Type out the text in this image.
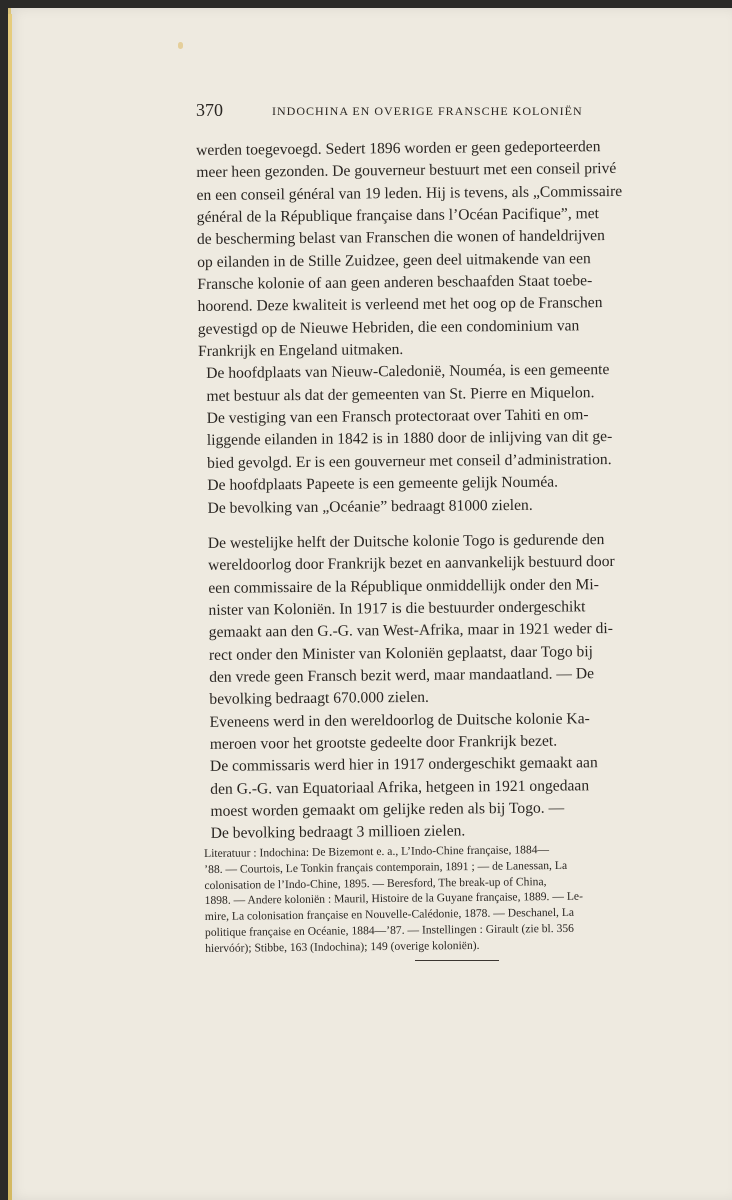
370	INDOCHINA EN OVERIGE FRANSCHE KOLONIËN

werden toegevoegd. Sedert 1896 worden er geen gedeporteerden
meer heen gezonden. De gouverneur bestuurt met een conseil privé
en een conseil général van 19 leden. Hij is tevens, als „Commissaire
général de la République française dans l’Océan Pacifique”, met
de bescherming belast van Franschen die wonen of handeldrijven
op eilanden in de Stille Zuidzee, geen deel uitmakende van een
Fransche kolonie of aan geen anderen beschaafden Staat toebe-
hoorend. Deze kwaliteit is verleend met het oog op de Franschen
gevestigd op de Nieuwe Hebriden, die een condominium van
Frankrijk en Engeland uitmaken.

De hoofdplaats van Nieuw-Caledonië, Nouméa, is een gemeente
met bestuur als dat der gemeenten van St. Pierre en Miquelon.

De vestiging van een Fransch protectoraat over Tahiti en om-
liggende eilanden in 1842 is in 1880 door de inlijving van dit ge-
bied gevolgd. Er is een gouverneur met conseil d’administration.
De hoofdplaats Papeete is een gemeente gelijk Nouméa.

De bevolking van „Océanie” bedraagt 81000 zielen.

De westelijke helft der Duitsche kolonie Togo is gedurende den
wereldoorlog door Frankrijk bezet en aanvankelijk bestuurd door
een commissaire de la République onmiddellijk onder den Mi-
nister van Koloniën. In 1917 is die bestuurder ondergeschikt
gemaakt aan den G.-G. van West-Afrika, maar in 1921 weder di-
rect onder den Minister van Koloniën geplaatst, daar Togo bij
den vrede geen Fransch bezit werd, maar mandaatland. — De
bevolking bedraagt 670.000 zielen.

Eveneens werd in den wereldoorlog de Duitsche kolonie Ka-
meroen voor het grootste gedeelte door Frankrijk bezet.
De commissaris werd hier in 1917 ondergeschikt gemaakt aan
den G.-G. van Equatoriaal Afrika, hetgeen in 1921 ongedaan
moest worden gemaakt om gelijke reden als bij Togo. —
De bevolking bedraagt 3 millioen zielen.

Literatuur : Indochina: De Bizemont e. a., L’Indo-Chine française, 1884—
’88. — Courtois, Le Tonkin français contemporain, 1891 ; — de Lanessan, La
colonisation de l’Indo-Chine, 1895. — Beresford, The break-up of China,
1898. — Andere koloniën : Mauril, Histoire de la Guyane française, 1889. — Le-
mire, La colonisation française en Nouvelle-Calédonie, 1878. — Deschanel, La
politique française en Océanie, 1884—’87. — Instellingen : Girault (zie bl. 356
hiervóór); Stibbe, 163 (Indochina); 149 (overige koloniën).
